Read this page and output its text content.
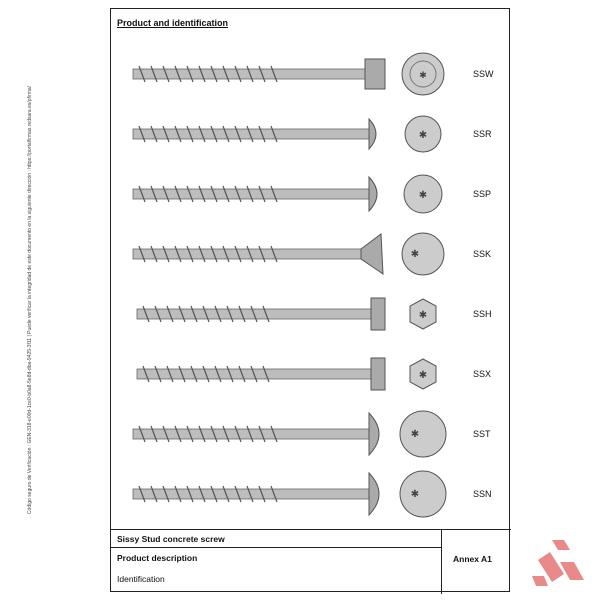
Código seguro de Verificación : GEN-318-e00d-1ce0-b0a8-5e8d-dba-9425-3f11 | Puede verificar la integridad de este documento en la siguiente dirección : https://portalfirmas.redsara.es/pfirma/
Product and identification
✱	SSW
✱	SSR
✱	SSP
✱	SSK
✱	SSH
✱	SSX
✱	SST
✱	SSN
Sissy Stud concrete screw
Product description
Identification
Annex A1
